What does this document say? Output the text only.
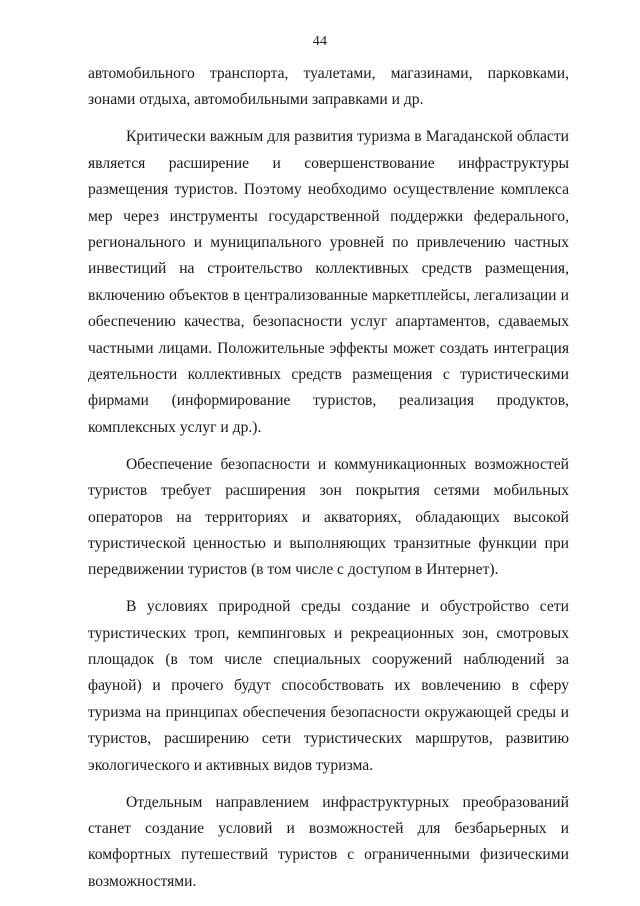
44

автомобильного транспорта, туалетами, магазинами, парковками, зонами отдыха, автомобильными заправками и др.

Критически важным для развития туризма в Магаданской области является расширение и совершенствование инфраструктуры размещения туристов. Поэтому необходимо осуществление комплекса мер через инструменты государственной поддержки федерального, регионального и муниципального уровней по привлечению частных инвестиций на строительство коллективных средств размещения, включению объектов в централизованные маркетплейсы, легализации и обеспечению качества, безопасности услуг апартаментов, сдаваемых частными лицами. Положительные эффекты может создать интеграция деятельности коллективных средств размещения с туристическими фирмами (информирование туристов, реализация продуктов, комплексных услуг и др.).

Обеспечение безопасности и коммуникационных возможностей туристов требует расширения зон покрытия сетями мобильных операторов на территориях и акваториях, обладающих высокой туристической ценностью и выполняющих транзитные функции при передвижении туристов (в том числе с доступом в Интернет).

В условиях природной среды создание и обустройство сети туристических троп, кемпинговых и рекреационных зон, смотровых площадок (в том числе специальных сооружений наблюдений за фауной) и прочего будут способствовать их вовлечению в сферу туризма на принципах обеспечения безопасности окружающей среды и туристов, расширению сети туристических маршрутов, развитию экологического и активных видов туризма.

Отдельным направлением инфраструктурных преобразований станет создание условий и возможностей для безбарьерных и комфортных путешествий туристов с ограниченными физическими возможностями.
